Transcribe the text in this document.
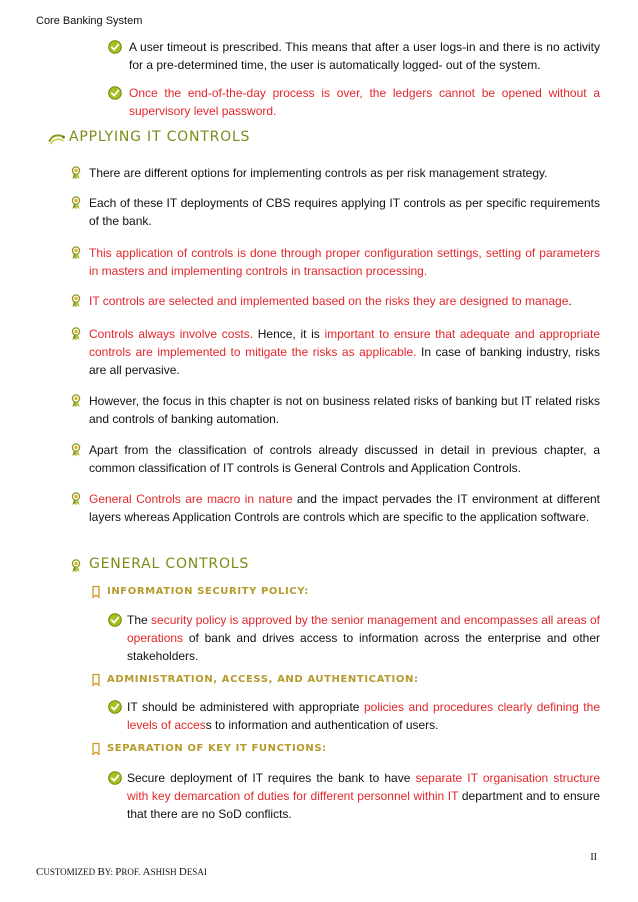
Core Banking System
A user timeout is prescribed. This means that after a user logs-in and there is no activity for a pre-determined time, the user is automatically logged- out of the system.
Once the end-of-the-day process is over, the ledgers cannot be opened without a supervisory level password.
APPLYING IT CONTROLS
There are different options for implementing controls as per risk management strategy.
Each of these IT deployments of CBS requires applying IT controls as per specific requirements of the bank.
This application of controls is done through proper configuration settings, setting of parameters in masters and implementing controls in transaction processing.
IT controls are selected and implemented based on the risks they are designed to manage.
Controls always involve costs. Hence, it is important to ensure that adequate and appropriate controls are implemented to mitigate the risks as applicable. In case of banking industry, risks are all pervasive.
However, the focus in this chapter is not on business related risks of banking but IT related risks and controls of banking automation.
Apart from the classification of controls already discussed in detail in previous chapter, a common classification of IT controls is General Controls and Application Controls.
General Controls are macro in nature and the impact pervades the IT environment at different layers whereas Application Controls are controls which are specific to the application software.
GENERAL CONTROLS
INFORMATION SECURITY POLICY:
The security policy is approved by the senior management and encompasses all areas of operations of bank and drives access to information across the enterprise and other stakeholders.
ADMINISTRATION, ACCESS, AND AUTHENTICATION:
IT should be administered with appropriate policies and procedures clearly defining the levels of access to information and authentication of users.
SEPARATION OF KEY IT FUNCTIONS:
Secure deployment of IT requires the bank to have separate IT organisation structure with key demarcation of duties for different personnel within IT department and to ensure that there are no SoD conflicts.
II
CUSTOMIZED BY: PROF. ASHISH DESAI
